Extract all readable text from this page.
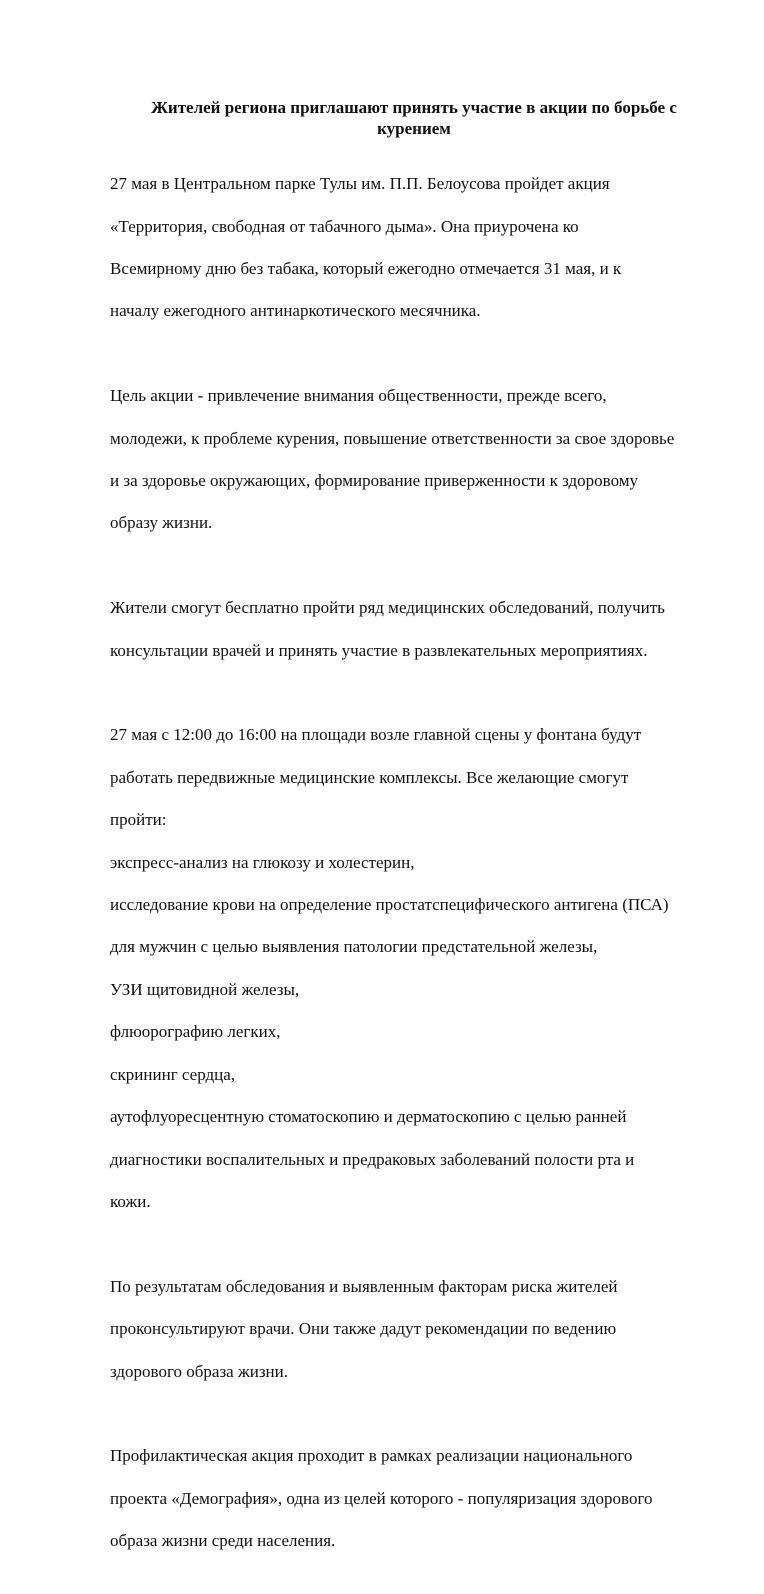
Жителей региона приглашают принять участие в акции по борьбе с
курением

27 мая в Центральном парке Тулы им. П.П. Белоусова пройдет акция

«Территория, свободная от табачного дыма». Она приурочена ко

Всемирному дню без табака, который ежегодно отмечается 31 мая, и к

началу ежегодного антинаркотического месячника.

Цель акции - привлечение внимания общественности, прежде всего,

молодежи, к проблеме курения, повышение ответственности за свое здоровье

и за здоровье окружающих, формирование приверженности к здоровому

образу жизни.

Жители смогут бесплатно пройти ряд медицинских обследований, получить

консультации врачей и принять участие в развлекательных мероприятиях.

27 мая с 12:00 до 16:00 на площади возле главной сцены у фонтана будут

работать передвижные медицинские комплексы. Все желающие смогут

пройти:

экспресс-анализ на глюкозу и холестерин,

исследование крови на определение простатспецифического антигена (ПСА)

для мужчин с целью выявления патологии предстательной железы,

УЗИ щитовидной железы,

флюорографию легких,

скрининг сердца,

аутофлуоресцентную стоматоскопию и дерматоскопию с целью ранней

диагностики воспалительных и предраковых заболеваний полости рта и

кожи.

По результатам обследования и выявленным факторам риска жителей

проконсультируют врачи. Они также дадут рекомендации по ведению

здорового образа жизни.

Профилактическая акция проходит в рамках реализации национального

проекта «Демография», одна из целей которого - популяризация здорового

образа жизни среди населения.
